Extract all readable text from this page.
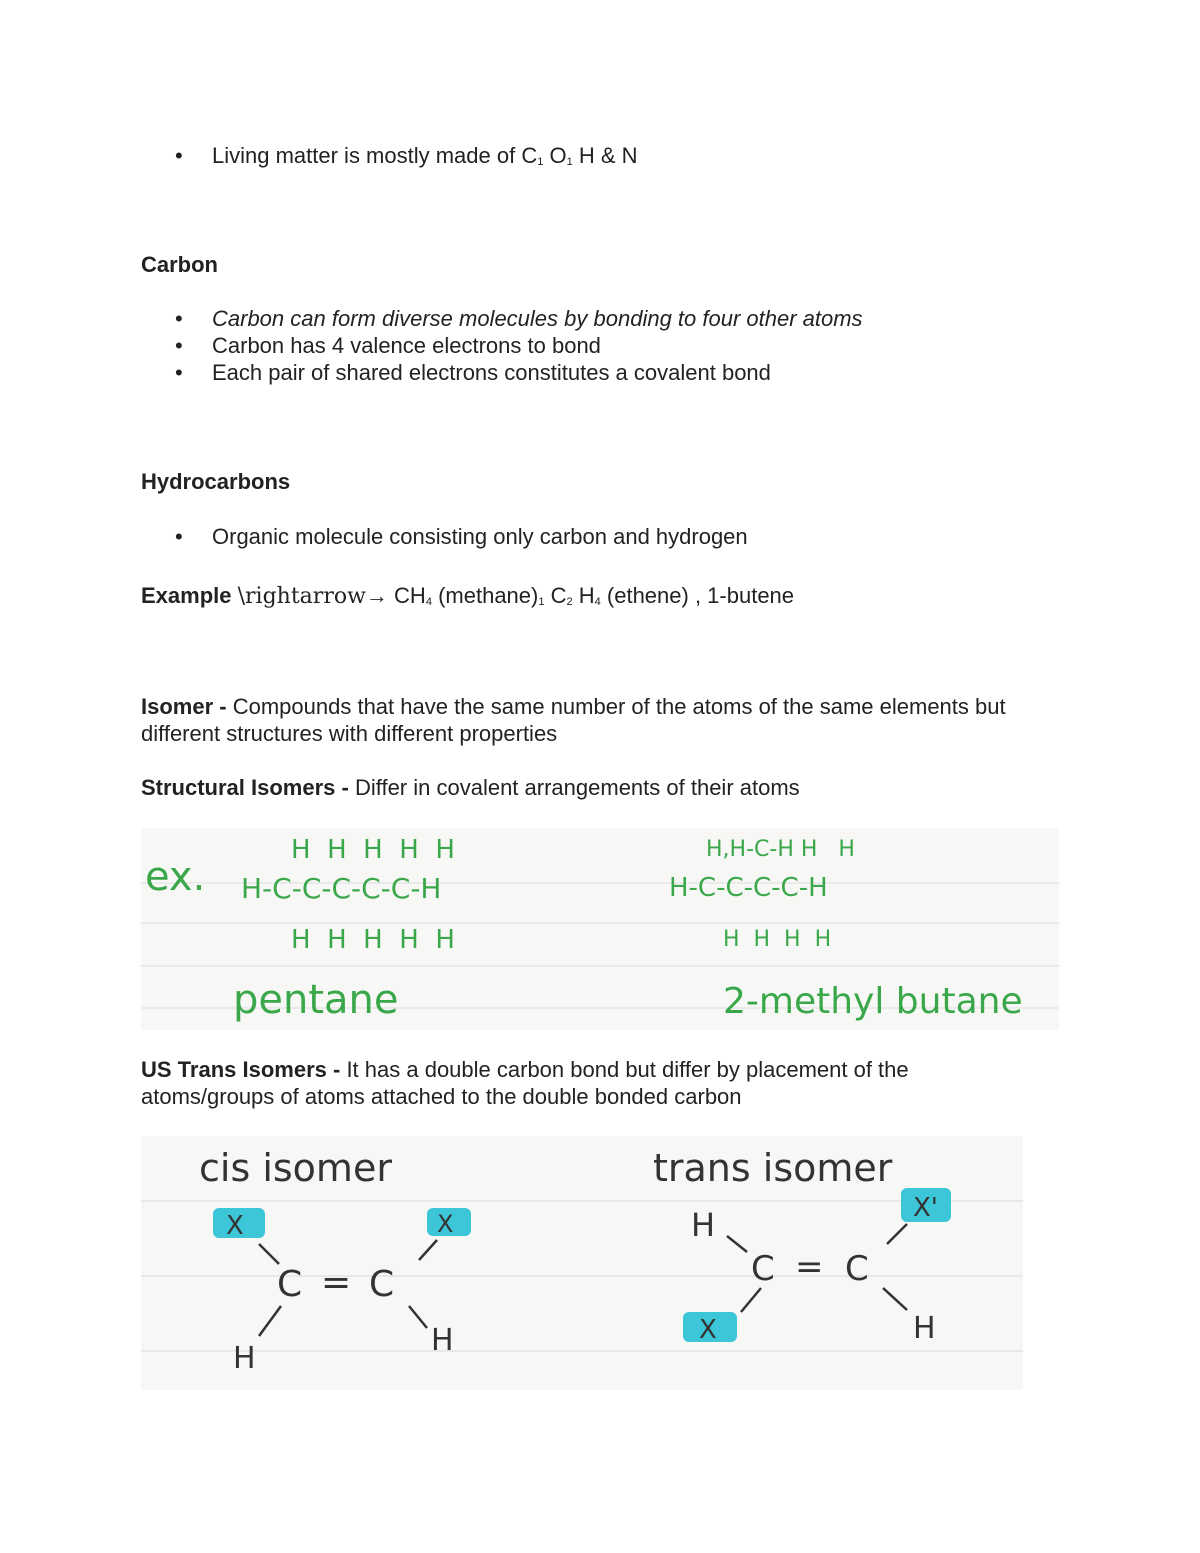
• Living matter is mostly made of $C_1$ $O_1$ H & N
Carbon
• Carbon can form diverse molecules by bonding to four other atoms
• Carbon has 4 valence electrons to bond
• Each pair of shared electrons constitutes a covalent bond
Hydrocarbons
• Organic molecule consisting only carbon and hydrogen
Example \rightarrow→ $CH_4$ $(methane)_1$ $C_2$ $H_4$ (ethene) , 1-butene
Isomer - Compounds that have the same number of the atoms of the same elements but different structures with different properties
Structural Isomers - Differ in covalent arrangements of their atoms
ex.
H  H  H  H  H
H-C-C-C-C-C-H
H  H  H  H  H
pentane
H,H-C-H H   H
H-C-C-C-C-H
H  H  H  H
2-methyl butane
US Trans Isomers - It has a double carbon bond but differ by placement of the atoms/groups of atoms attached to the double bonded carbon
cis isomer
X	X
C = C
H
H
trans isomer
X'
H
C = C
X	H
